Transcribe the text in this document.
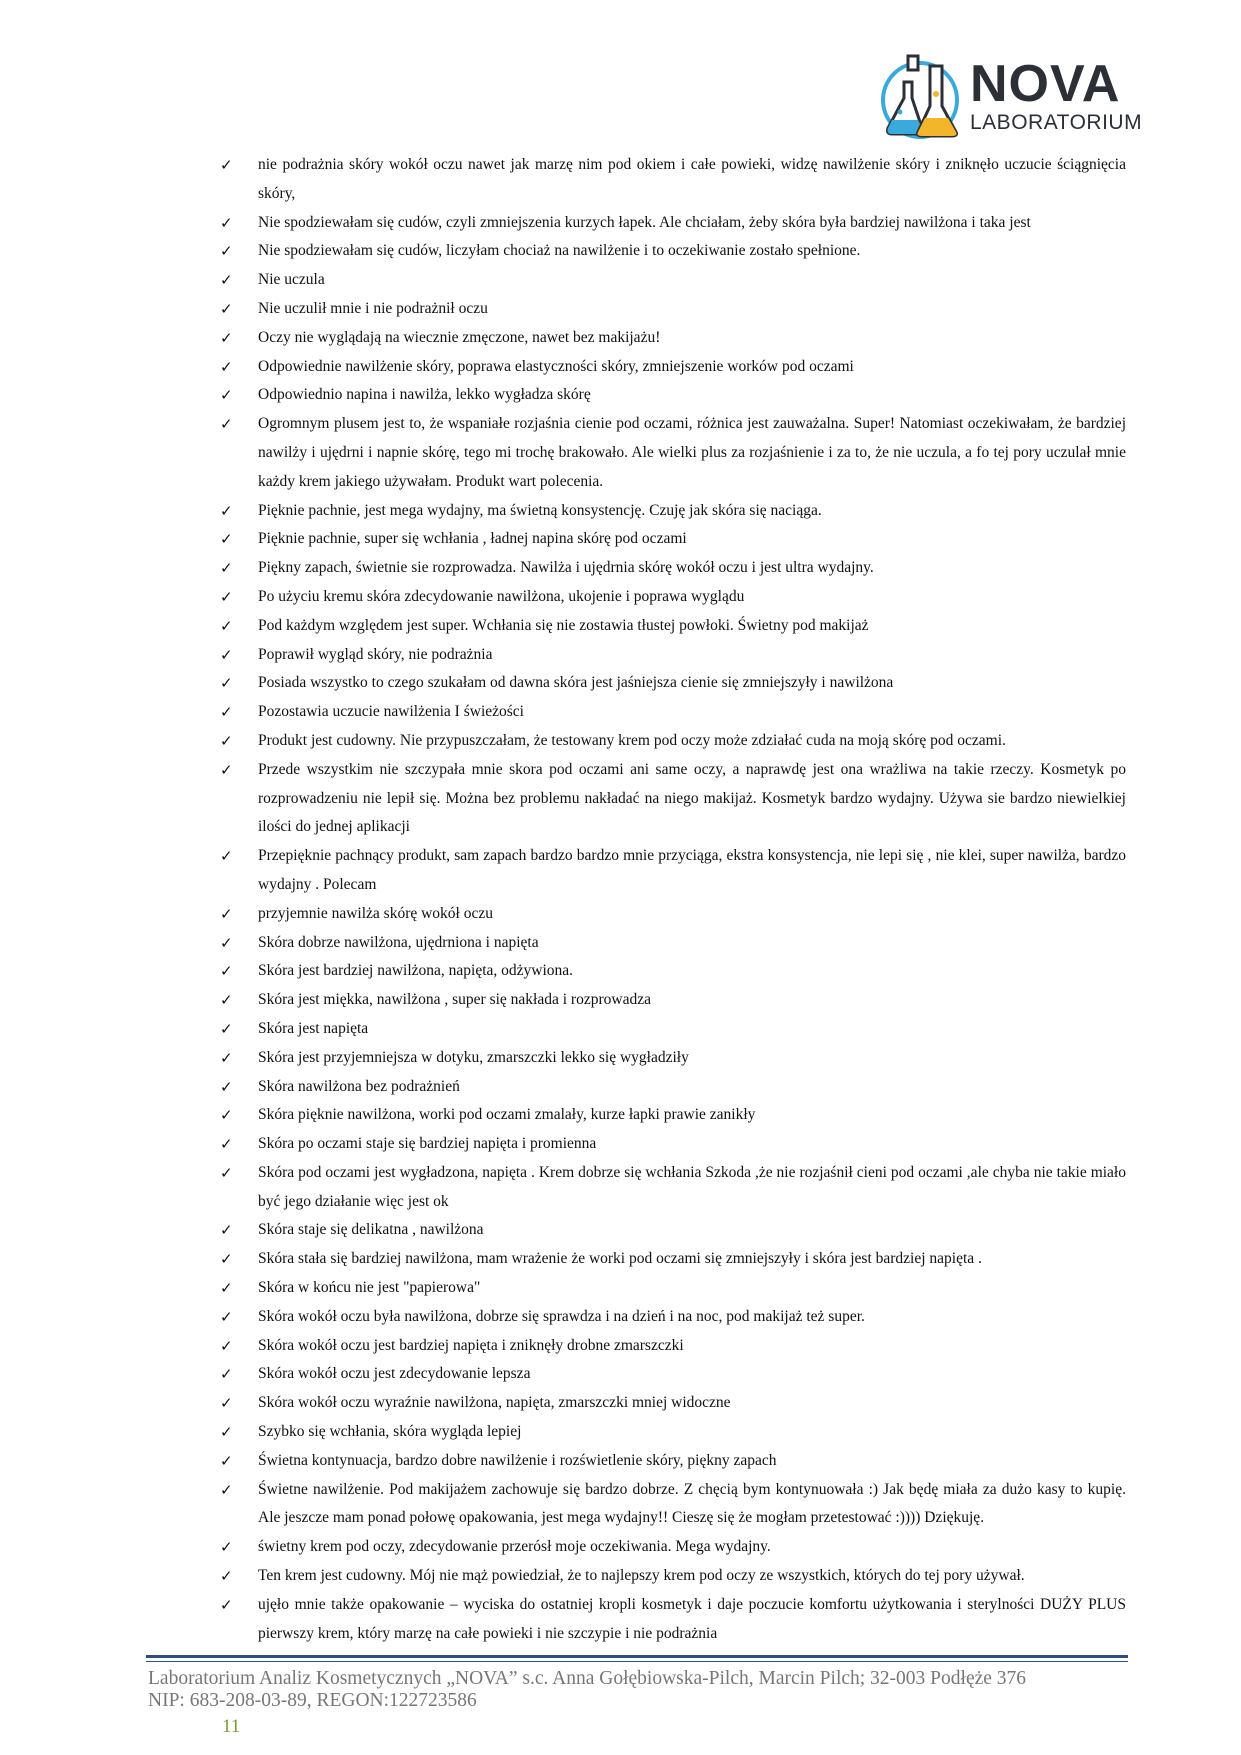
NOVA
LABORATORIUM
✓ nie podrażnia skóry wokół oczu nawet jak marzę nim pod okiem i całe powieki, widzę nawilżenie skóry i zniknęło uczucie ściągnięcia skóry,
✓ Nie spodziewałam się cudów, czyli zmniejszenia kurzych łapek. Ale chciałam, żeby skóra była bardziej nawilżona i taka jest
✓ Nie spodziewałam się cudów, liczyłam chociaż na nawilżenie i to oczekiwanie zostało spełnione.
✓ Nie uczula
✓ Nie uczulił mnie i nie podrażnił oczu
✓ Oczy nie wyglądają na wiecznie zmęczone, nawet bez makijażu!
✓ Odpowiednie nawilżenie skóry, poprawa elastyczności skóry, zmniejszenie worków pod oczami
✓ Odpowiednio napina i nawilża, lekko wygładza skórę
✓ Ogromnym plusem jest to, że wspaniałe rozjaśnia cienie pod oczami, różnica jest zauważalna. Super! Natomiast oczekiwałam, że bardziej nawilży i ujędrni i napnie skórę, tego mi trochę brakowało. Ale wielki plus za rozjaśnienie i za to, że nie uczula, a fo tej pory uczulał mnie każdy krem jakiego używałam. Produkt wart polecenia.
✓ Pięknie pachnie, jest mega wydajny, ma świetną konsystencję. Czuję jak skóra się naciąga.
✓ Pięknie pachnie, super się wchłania , ładnej napina skórę pod oczami
✓ Piękny zapach, świetnie sie rozprowadza. Nawilża i ujędrnia skórę wokół oczu i jest ultra wydajny.
✓ Po użyciu kremu skóra zdecydowanie nawilżona, ukojenie i poprawa wyglądu
✓ Pod każdym względem jest super. Wchłania się nie zostawia tłustej powłoki. Świetny pod makijaż
✓ Poprawił wygląd skóry, nie podrażnia
✓ Posiada wszystko to czego szukałam od dawna skóra jest jaśniejsza cienie się zmniejszyły i nawilżona
✓ Pozostawia uczucie nawilżenia I świeżości
✓ Produkt jest cudowny. Nie przypuszczałam, że testowany krem pod oczy może zdziałać cuda na moją skórę pod oczami.
✓ Przede wszystkim nie szczypała mnie skora pod oczami ani same oczy, a naprawdę jest ona wrażliwa na takie rzeczy. Kosmetyk po rozprowadzeniu nie lepił się. Można bez problemu nakładać na niego makijaż. Kosmetyk bardzo wydajny. Używa sie bardzo niewielkiej ilości do jednej aplikacji
✓ Przepięknie pachnący produkt, sam zapach bardzo bardzo mnie przyciąga, ekstra konsystencja, nie lepi się , nie klei, super nawilża, bardzo wydajny . Polecam
✓ przyjemnie nawilża skórę wokół oczu
✓ Skóra dobrze nawilżona, ujędrniona i napięta
✓ Skóra jest bardziej nawilżona, napięta, odżywiona.
✓ Skóra jest miękka, nawilżona , super się nakłada i rozprowadza
✓ Skóra jest napięta
✓ Skóra jest przyjemniejsza w dotyku, zmarszczki lekko się wygładziły
✓ Skóra nawilżona bez podrażnień
✓ Skóra pięknie nawilżona, worki pod oczami zmalały, kurze łapki prawie zanikły
✓ Skóra po oczami staje się bardziej napięta i promienna
✓ Skóra pod oczami jest wygładzona, napięta . Krem dobrze się wchłania Szkoda ,że nie rozjaśnił cieni pod oczami ,ale chyba nie takie miało być jego działanie więc jest ok
✓ Skóra staje się delikatna , nawilżona
✓ Skóra stała się bardziej nawilżona, mam wrażenie że worki pod oczami się zmniejszyły i skóra jest bardziej napięta .
✓ Skóra w końcu nie jest "papierowa"
✓ Skóra wokół oczu była nawilżona, dobrze się sprawdza i na dzień i na noc, pod makijaż też super.
✓ Skóra wokół oczu jest bardziej napięta i zniknęły drobne zmarszczki
✓ Skóra wokół oczu jest zdecydowanie lepsza
✓ Skóra wokół oczu wyraźnie nawilżona, napięta, zmarszczki mniej widoczne
✓ Szybko się wchłania, skóra wygląda lepiej
✓ Świetna kontynuacja, bardzo dobre nawilżenie i rozświetlenie skóry, piękny zapach
✓ Świetne nawilżenie. Pod makijażem zachowuje się bardzo dobrze. Z chęcią bym kontynuowała :) Jak będę miała za dużo kasy to kupię. Ale jeszcze mam ponad połowę opakowania, jest mega wydajny!! Cieszę się że mogłam przetestować :)))) Dziękuję.
✓ świetny krem pod oczy, zdecydowanie przerósł moje oczekiwania. Mega wydajny.
✓ Ten krem jest cudowny. Mój nie mąż powiedział, że to najlepszy krem pod oczy ze wszystkich, których do tej pory używał.
✓ ujęło mnie także opakowanie – wyciska do ostatniej kropli kosmetyk i daje poczucie komfortu użytkowania i sterylności DUŻY PLUS pierwszy krem, który marzę na całe powieki i nie szczypie i nie podrażnia
Laboratorium Analiz Kosmetycznych „NOVA” s.c. Anna Gołębiowska-Pilch, Marcin Pilch; 32-003 Podłęże 376
NIP: 683-208-03-89, REGON:122723586
11
